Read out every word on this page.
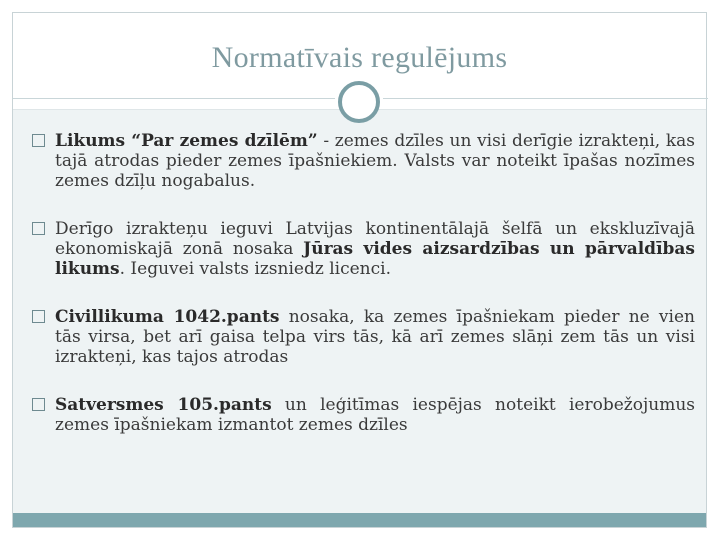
Normatīvais regulējums
Likums “Par zemes dzīlēm” - zemes dzīles un visi derīgie izrakteņi, kas tajā atrodas pieder zemes īpašniekiem. Valsts var noteikt īpašas nozīmes zemes dzīļu nogabalus.
Derīgo izrakteņu ieguvi Latvijas kontinentālajā šelfā un ekskluzīvajā ekonomiskajā zonā nosaka Jūras vides aizsardzības un pārvaldības likums. Ieguvei valsts izsniedz licenci.
Civillikuma 1042.pants nosaka, ka zemes īpašniekam pieder ne vien tās virsa, bet arī gaisa telpa virs tās, kā arī zemes slāņi zem tās un visi izrakteņi, kas tajos atrodas
Satversmes 105.pants un leģitīmas iespējas noteikt ierobežojumus zemes īpašniekam izmantot zemes dzīles
